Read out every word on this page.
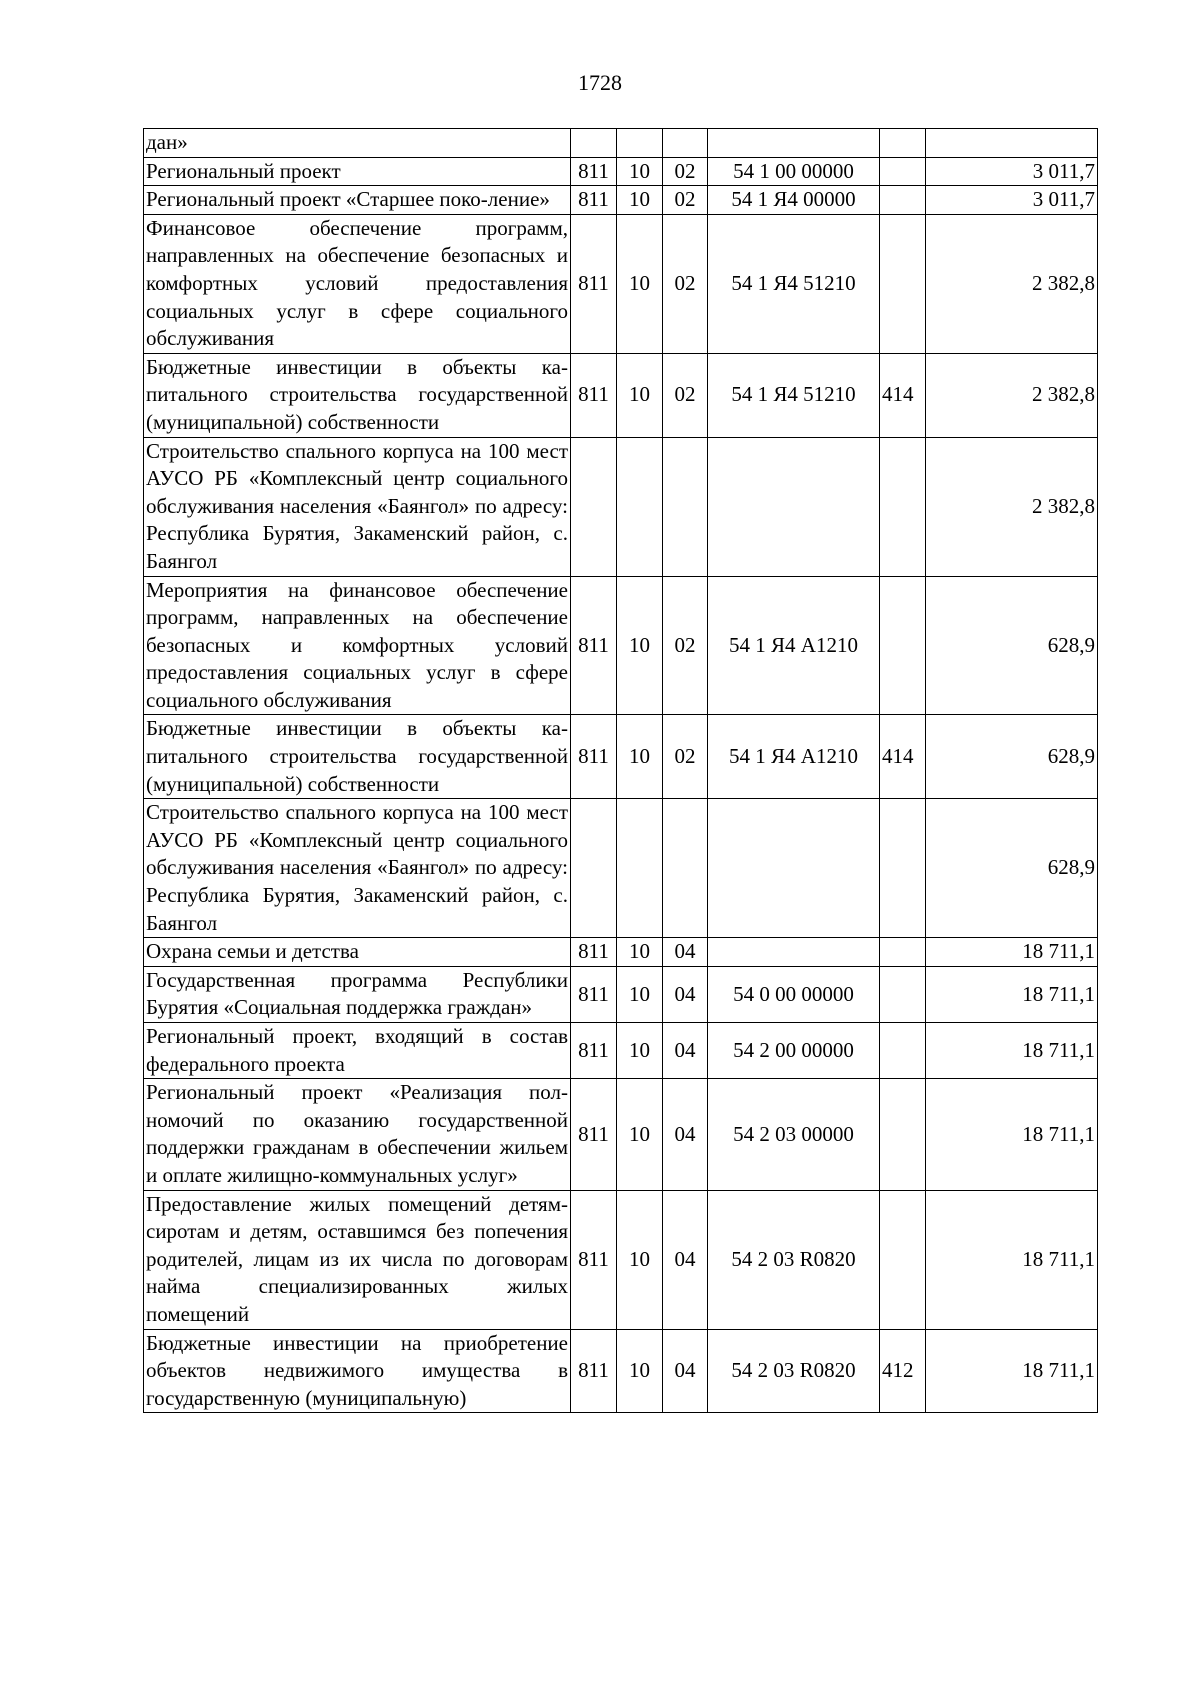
1728
дан»						
Региональный проект	811	10	02	54 1 00 00000		3 011,7
Региональный проект «Старшее поко-ление»	811	10	02	54 1 Я4 00000		3 011,7
Финансовое обеспечение программ, направленных на обеспечение безопасных и комфортных условий предоставления социальных услуг в сфере социального обслуживания	811	10	02	54 1 Я4 51210		2 382,8
Бюджетные инвестиции в объекты капитального строительства государственной (муниципальной) собственности	811	10	02	54 1 Я4 51210	414	2 382,8
Строительство спального корпуса на 100 мест АУСО РБ «Комплексный центр социального обслуживания населения «Баянгол» по адресу: Республика Бурятия, Закаменский район, с. Баянгол						2 382,8
Мероприятия на финансовое обеспечение программ, направленных на обеспечение безопасных и комфортных условий предоставления социальных услуг в сфере социального обслуживания	811	10	02	54 1 Я4 А1210		628,9
Бюджетные инвестиции в объекты капитального строительства государственной (муниципальной) собственности	811	10	02	54 1 Я4 А1210	414	628,9
Строительство спального корпуса на 100 мест АУСО РБ «Комплексный центр социального обслуживания населения «Баянгол» по адресу: Республика Бурятия, Закаменский район, с. Баянгол						628,9
Охрана семьи и детства	811	10	04			18 711,1
Государственная программа Республики Бурятия «Социальная поддержка граждан»	811	10	04	54 0 00 00000		18 711,1
Региональный проект, входящий в состав федерального проекта	811	10	04	54 2 00 00000		18 711,1
Региональный проект «Реализация полномочий по оказанию государственной поддержки гражданам в обеспечении жильем и оплате жилищно-коммунальных услуг»	811	10	04	54 2 03 00000		18 711,1
Предоставление жилых помещений детям-сиротам и детям, оставшимся без попечения родителей, лицам из их числа по договорам найма специализированных жилых помещений	811	10	04	54 2 03 R0820		18 711,1
Бюджетные инвестиции на приобретение объектов недвижимого имущества в государственную (муниципальную)	811	10	04	54 2 03 R0820	412	18 711,1
